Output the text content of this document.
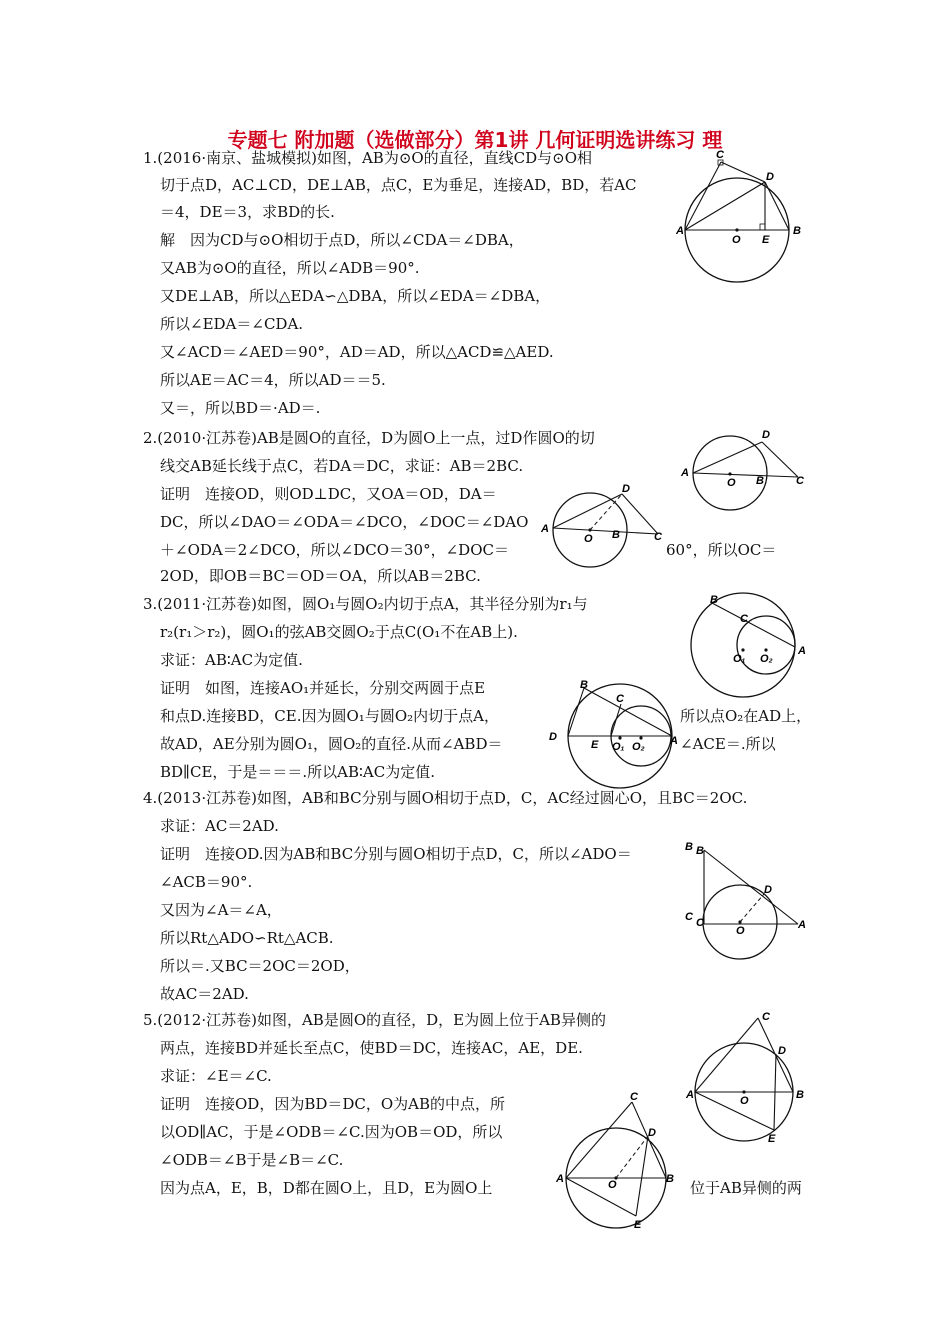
专题七 附加题（选做部分）第1讲 几何证明选讲练习 理
1.(2016·南京、盐城模拟)如图，AB为⊙O的直径，直线CD与⊙O相
切于点D，AC⊥CD，DE⊥AB，点C，E为垂足，连接AD，BD，若AC
＝4，DE＝3，求BD的长.
解　因为CD与⊙O相切于点D，所以∠CDA＝∠DBA，
又AB为⊙O的直径，所以∠ADB＝90°.
又DE⊥AB，所以△EDA∽△DBA，所以∠EDA＝∠DBA，
所以∠EDA＝∠CDA.
又∠ACD＝∠AED＝90°，AD＝AD，所以△ACD≌△AED.
所以AE＝AC＝4，所以AD＝＝5.
又＝，所以BD＝·AD＝.
C
D
A
O E
B
2.(2010·江苏卷)AB是圆O的直径，D为圆O上一点，过D作圆O的切
线交AB延长线于点C，若DA＝DC，求证：AB＝2BC.
证明　连接OD，则OD⊥DC，又OA＝OD，DA＝
DC，所以∠DAO＝∠ODA＝∠DCO，∠DOC＝∠DAO
＋∠ODA＝2∠DCO，所以∠DCO＝30°，∠DOC＝
2OD，即OB＝BC＝OD＝OA，所以AB＝2BC.
60°，所以OC＝
D
A
O B	C
D
A
O B	C
3.(2011·江苏卷)如图，圆O₁与圆O₂内切于点A，其半径分别为r₁与
r₂(r₁＞r₂)，圆O₁的弦AB交圆O₂于点C(O₁不在AB上).
求证：AB∶AC为定值.
证明　如图，连接AO₁并延长，分别交两圆于点E
和点D.连接BD，CE.因为圆O₁与圆O₂内切于点A，
故AD，AE分别为圆O₁，圆O₂的直径.从而∠ABD＝
BD∥CE，于是＝＝＝.所以AB∶AC为定值.
所以点O₂在AD上，
∠ACE＝.所以
B
C
O₁ O₂
A
B
C
D
E O₁ O₂ A
4.(2013·江苏卷)如图，AB和BC分别与圆O相切于点D，C，AC经过圆心O，且BC＝2OC.
求证：AC＝2AD.
证明　连接OD.因为AB和BC分别与圆O相切于点D，C，所以∠ADO＝
∠ACB＝90°.
又因为∠A＝∠A，
所以Rt△ADO∽Rt△ACB.
所以＝.又BC＝2OC＝2OD，
故AC＝2AD.
B B
D
C C
O	A
5.(2012·江苏卷)如图，AB是圆O的直径，D，E为圆上位于AB异侧的
两点，连接BD并延长至点C，使BD＝DC，连接AC，AE，DE.
求证：∠E＝∠C.
证明　连接OD，因为BD＝DC，O为AB的中点，所
以OD∥AC，于是∠ODB＝∠C.因为OB＝OD，所以
∠ODB＝∠B于是∠B＝∠C.
因为点A，E，B，D都在圆O上，且D，E为圆O上	位于AB异侧的两
C
D
A	O	B
E
C
D
A	O	B
E
